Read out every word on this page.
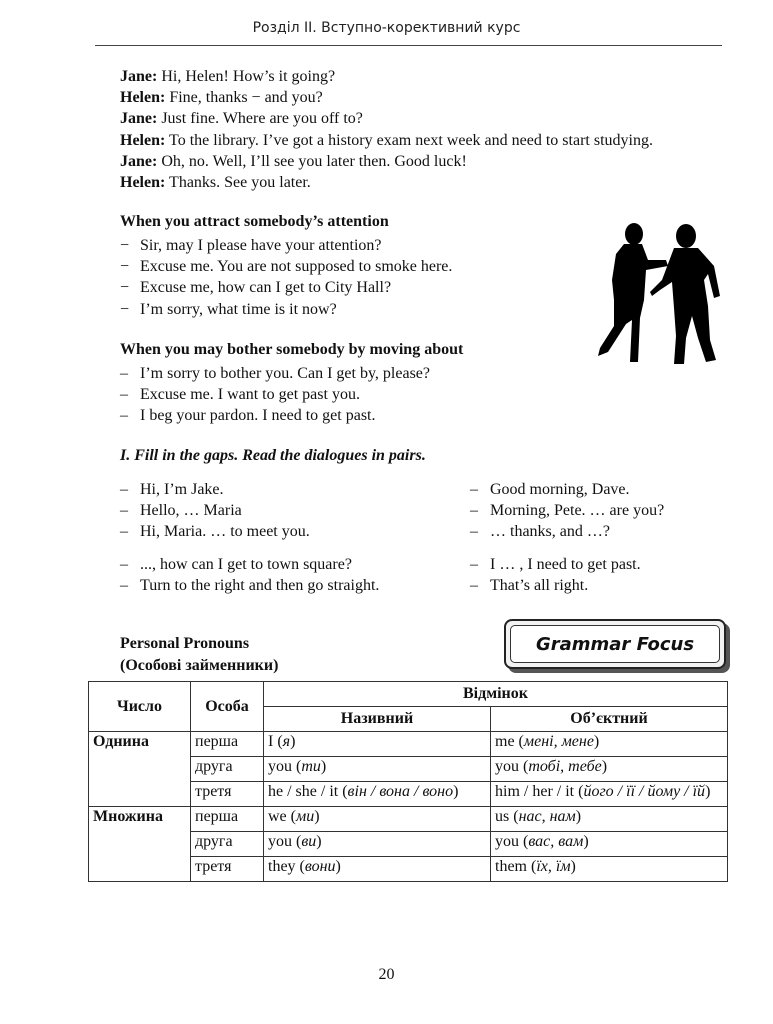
Розділ ІІ. Вступно-корективний курс
Jane: Hi, Helen! How’s it going?
Helen: Fine, thanks − and you?
Jane: Just fine. Where are you off to?
Helen: To the library. I’ve got a history exam next week and need to start studying.
Jane: Oh, no. Well, I’ll see you later then. Good luck!
Helen: Thanks. See you later.
When you attract somebody’s attention
− Sir, may I please have your attention?
− Excuse me. You are not supposed to smoke here.
− Excuse me, how can I get to City Hall?
− I’m sorry, what time is it now?
When you may bother somebody by moving about
– I’m sorry to bother you. Can I get by, please?
– Excuse me. I want to get past you.
– I beg your pardon. I need to get past.
I. Fill in the gaps. Read the dialogues in pairs.
– Hi, I’m Jake.
– Hello, … Maria
– Hi, Maria. … to meet you.
– Good morning, Dave.
– Morning, Pete. … are you?
– … thanks, and …?
– ..., how can I get to town square?
– Turn to the right and then go straight.
– I … , I need to get past.
– That’s all right.
Personal Pronouns
(Особові займенники)
Grammar Focus
Число	Особа	Відмінок	
		Називний	Об’єктний
Однина	перша	I (я)	me (мені, мене)
	друга	you (ти)	you (тобі, тебе)
	третя	he / she / it (він / вона / воно)	him / her / it (його / її / йому / їй)
Множина	перша	we (ми)	us (нас, нам)
	друга	you (ви)	you (вас, вам)
	третя	they (вони)	them (їх, їм)
20
